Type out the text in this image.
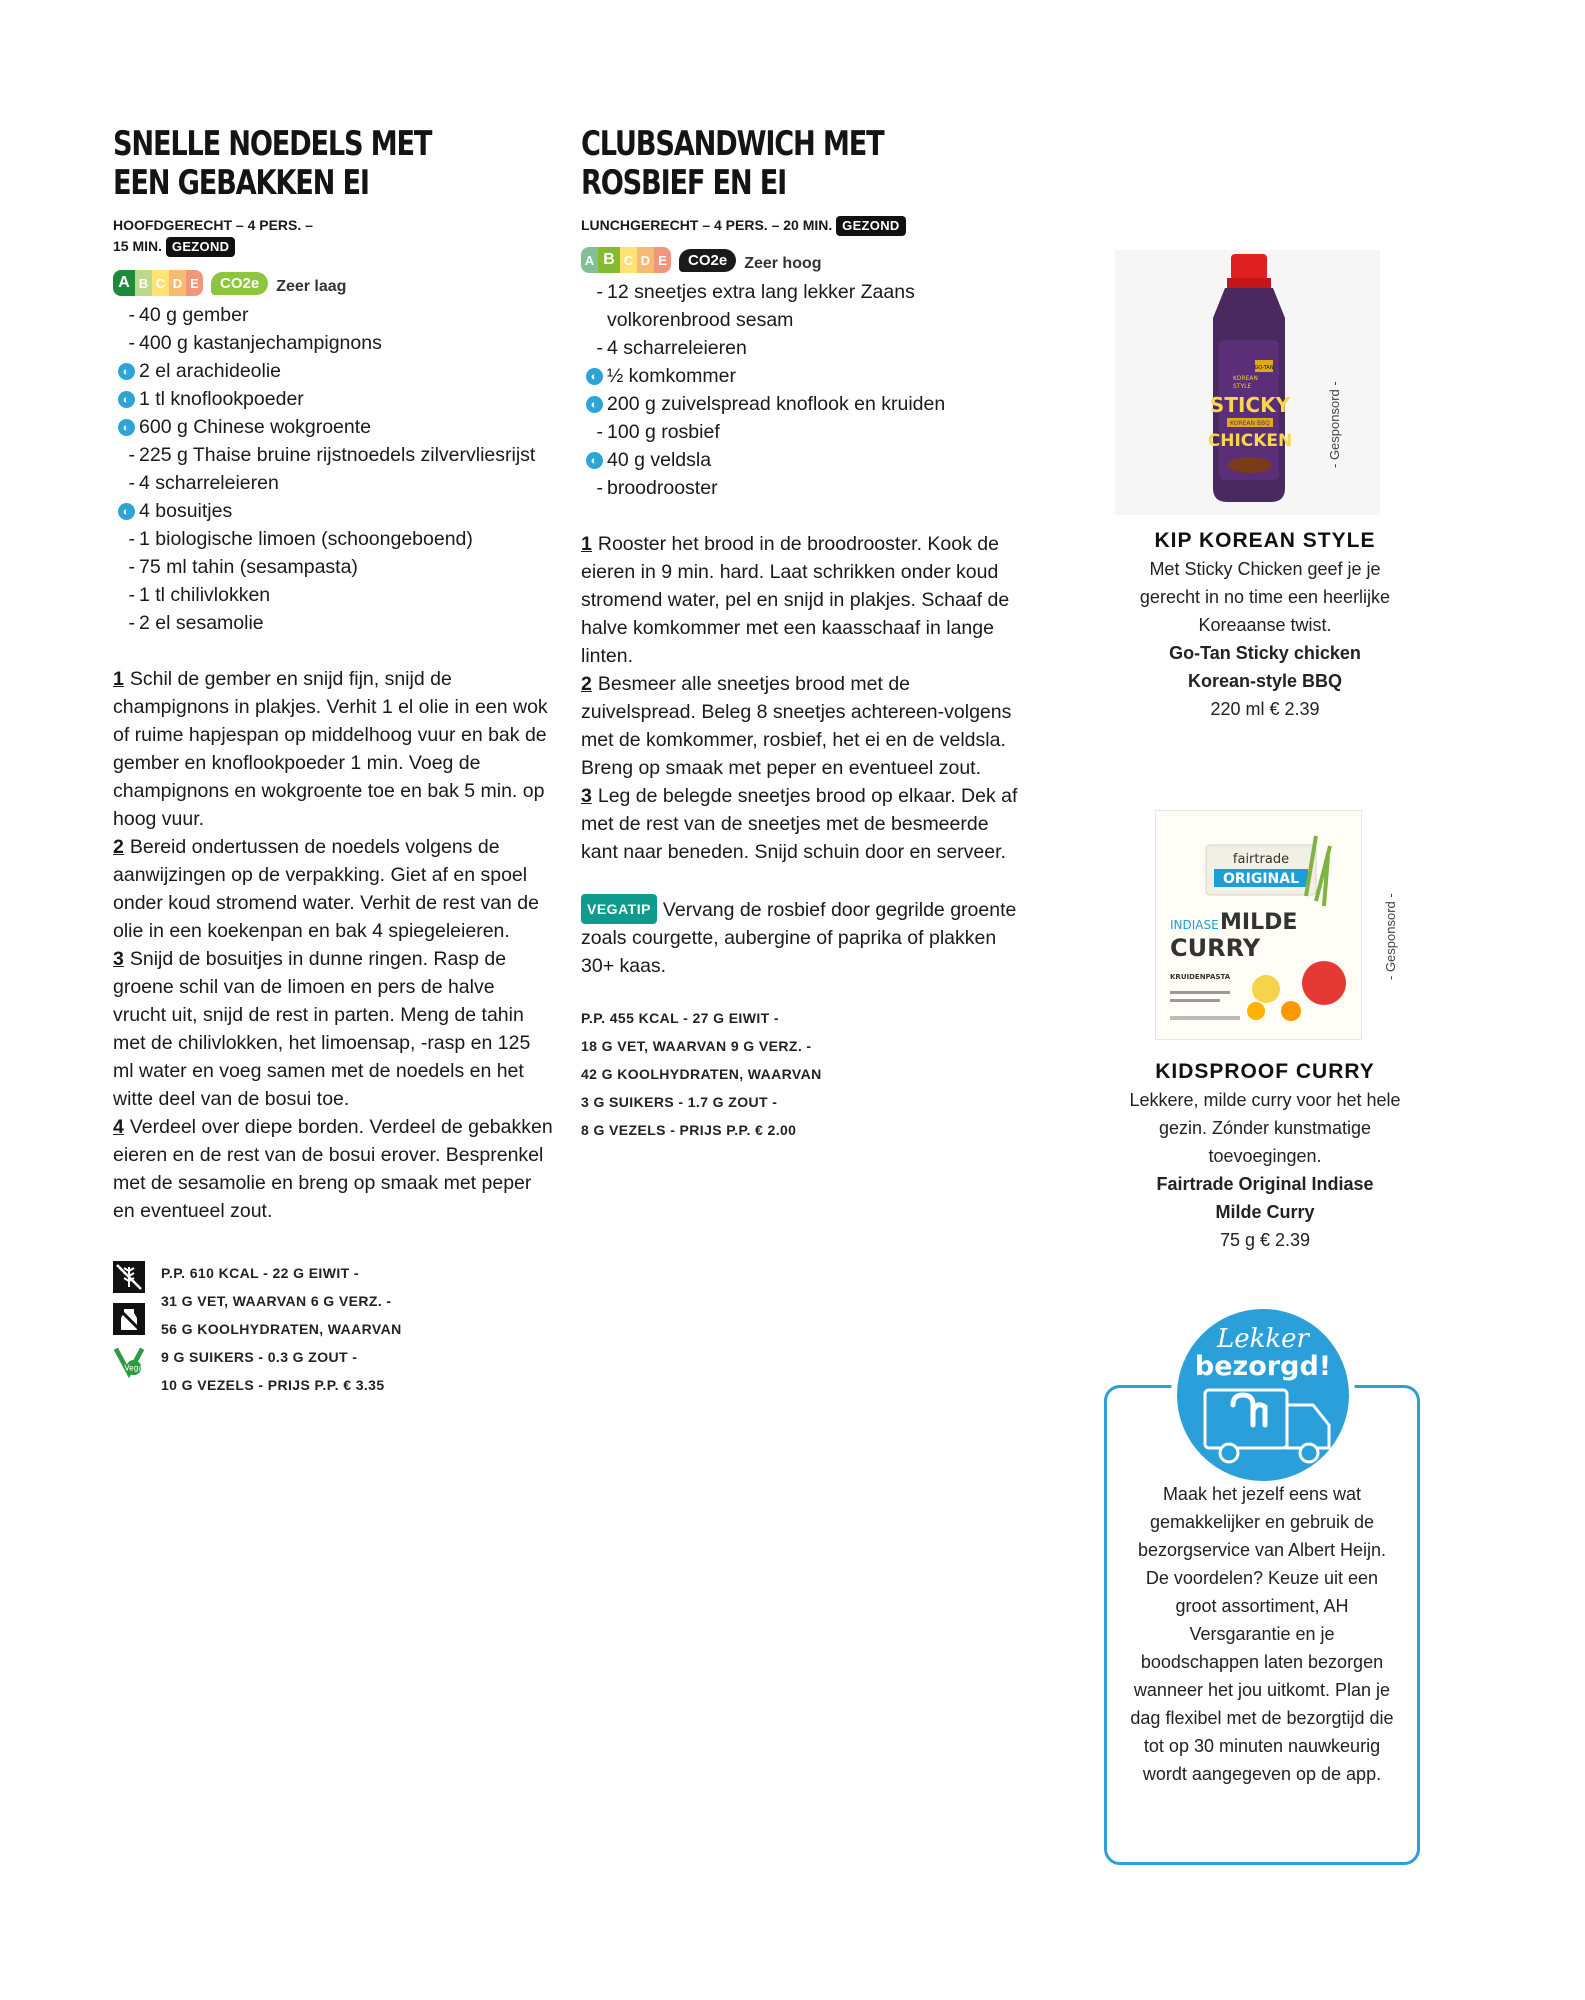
SNELLE NOEDELS MET
EEN GEBAKKEN EI
HOOFDGERECHT – 4 PERS. –
15 MIN. GEZOND
A B C D E	CO2e	Zeer laag
- 40 g gember
- 400 g kastanjechampignons
◐ 2 el arachideolie
◐ 1 tl knoflookpoeder
◐ 600 g Chinese wokgroente
- 225 g Thaise bruine rijstnoedels zilvervliesrijst
- 4 scharreleieren
◐ 4 bosuitjes
- 1 biologische limoen (schoongeboend)
- 75 ml tahin (sesampasta)
- 1 tl chilivlokken
- 2 el sesamolie
1 Schil de gember en snijd fijn, snijd de champignons in plakjes. Verhit 1 el olie in een wok of ruime hapjespan op middelhoog vuur en bak de gember en knoflookpoeder 1 min. Voeg de champignons en wokgroente toe en bak 5 min. op hoog vuur.
2 Bereid ondertussen de noedels volgens de aanwijzingen op de verpakking. Giet af en spoel onder koud stromend water. Verhit de rest van de olie in een koekenpan en bak 4 spiegeleieren.
3 Snijd de bosuitjes in dunne ringen. Rasp de groene schil van de limoen en pers de halve vrucht uit, snijd de rest in parten. Meng de tahin met de chilivlokken, het limoensap, -rasp en 125 ml water en voeg samen met de noedels en het witte deel van de bosui toe.
4 Verdeel over diepe borden. Verdeel de gebakken eieren en de rest van de bosui erover. Besprenkel met de sesamolie en breng op smaak met peper en eventueel zout.
Vega
P.P. 610 KCAL - 22 G EIWIT -
31 G VET, WAARVAN 6 G VERZ. -
56 G KOOLHYDRATEN, WAARVAN
9 G SUIKERS - 0.3 G ZOUT -
10 G VEZELS - PRIJS P.P. € 3.35
CLUBSANDWICH MET
ROSBIEF EN EI
LUNCHGERECHT – 4 PERS. – 20 MIN. GEZOND
A B C D E	CO2e	Zeer hoog
- 12 sneetjes extra lang lekker Zaans volkorenbrood sesam
- 4 scharreleieren
◐ ½ komkommer
◐ 200 g zuivelspread knoflook en kruiden
- 100 g rosbief
◐ 40 g veldsla
- broodrooster
1 Rooster het brood in de broodrooster. Kook de eieren in 9 min. hard. Laat schrikken onder koud stromend water, pel en snijd in plakjes. Schaaf de halve komkommer met een kaasschaaf in lange linten.
2 Besmeer alle sneetjes brood met de zuivelspread. Beleg 8 sneetjes achtereen-volgens met de komkommer, rosbief, het ei en de veldsla. Breng op smaak met peper en eventueel zout.
3 Leg de belegde sneetjes brood op elkaar. Dek af met de rest van de sneetjes met de besmeerde kant naar beneden. Snijd schuin door en serveer.
VEGATIP Vervang de rosbief door gegrilde groente zoals courgette, aubergine of paprika of plakken 30+ kaas.
P.P. 455 KCAL - 27 G EIWIT -
18 G VET, WAARVAN 9 G VERZ. -
42 G KOOLHYDRATEN, WAARVAN
3 G SUIKERS - 1.7 G ZOUT -
8 G VEZELS - PRIJS P.P. € 2.00
GO-TAN
KOREAN
STYLE
STICKY
KOREAN BBQ
CHICKEN	- Gesponsord -
KIP KOREAN STYLE
Met Sticky Chicken geef je je gerecht in no time een heerlijke Koreaanse twist.
Go-Tan Sticky chicken Korean-style BBQ
220 ml € 2.39
fairtrade
ORIGINAL
INDIASE MILDE
CURRY
KRUIDENPASTA	- Gesponsord -
KIDSPROOF CURRY
Lekkere, milde curry voor het hele gezin. Zónder kunstmatige toevoegingen.
Fairtrade Original Indiase Milde Curry
75 g € 2.39
Lekker
bezorgd!
Maak het jezelf eens wat gemakkelijker en gebruik de bezorgservice van Albert Heijn. De voordelen? Keuze uit een groot assortiment, AH Versgarantie en je boodschappen laten bezorgen wanneer het jou uitkomt. Plan je dag flexibel met de bezorgtijd die tot op 30 minuten nauwkeurig wordt aangegeven op de app.
